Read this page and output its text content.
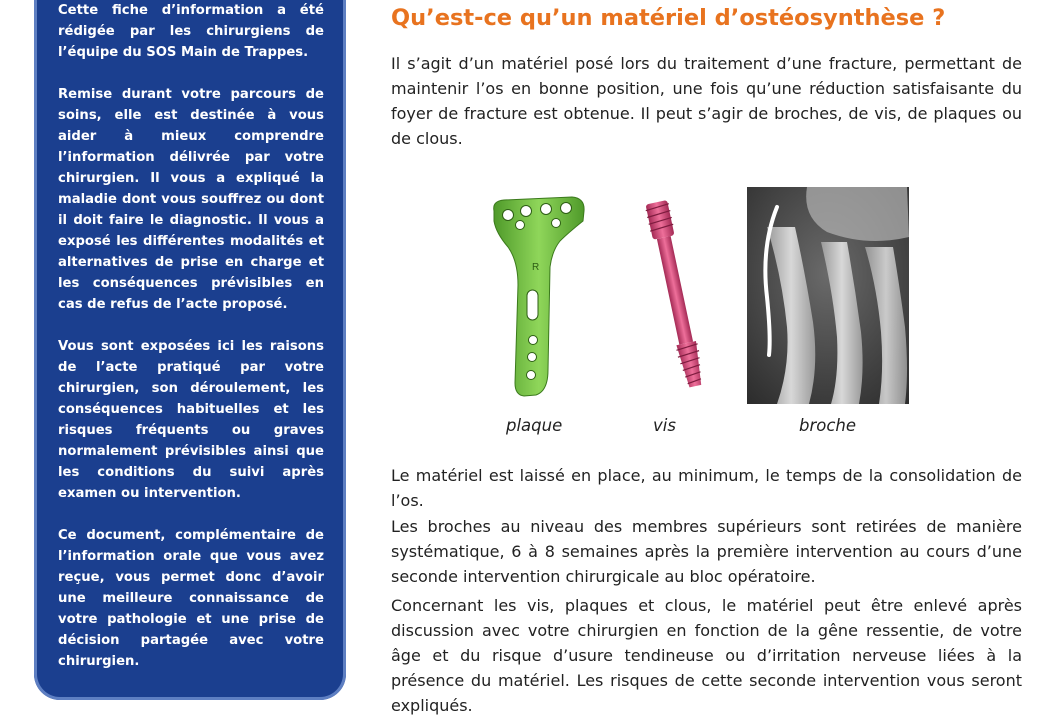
Cette fiche d’information a été rédigée par les chirurgiens de l’équipe du SOS Main de Trappes.

Remise durant votre parcours de soins, elle est destinée à vous aider à mieux comprendre l’information délivrée par votre chirurgien. Il vous a expliqué la maladie dont vous souffrez ou dont il doit faire le diagnostic. Il vous a exposé les différentes modalités et alternatives de prise en charge et les conséquences prévisibles en cas de refus de l’acte proposé.

Vous sont exposées ici les raisons de l’acte pratiqué par votre chirurgien, son déroulement, les conséquences habituelles et les risques fréquents ou graves normalement prévisibles ainsi que les conditions du suivi après examen ou intervention.

Ce document, complémentaire de l’information orale que vous avez reçue, vous permet donc d’avoir une meilleure connaissance de votre pathologie et une prise de décision partagée avec votre chirurgien.

Qu’est-ce qu’un matériel d’ostéosynthèse ?

Il s’agit d’un matériel posé lors du traitement d’une fracture, permettant de maintenir l’os en bonne position, une fois qu’une réduction satisfaisante du foyer de fracture est obtenue. Il peut s’agir de broches, de vis, de plaques ou de clous.

R
plaque	vis	broche

Le matériel est laissé en place, au minimum, le temps de la consolidation de l’os.

Les broches au niveau des membres supérieurs sont retirées de manière systématique, 6 à 8 semaines après la première intervention au cours d’une seconde intervention chirurgicale au bloc opératoire.

Concernant les vis, plaques et clous, le matériel peut être enlevé après discussion avec votre chirurgien en fonction de la gêne ressentie, de votre âge et du risque d’usure tendineuse ou d’irritation nerveuse liées à la présence du matériel. Les risques de cette seconde intervention vous seront expliqués.
